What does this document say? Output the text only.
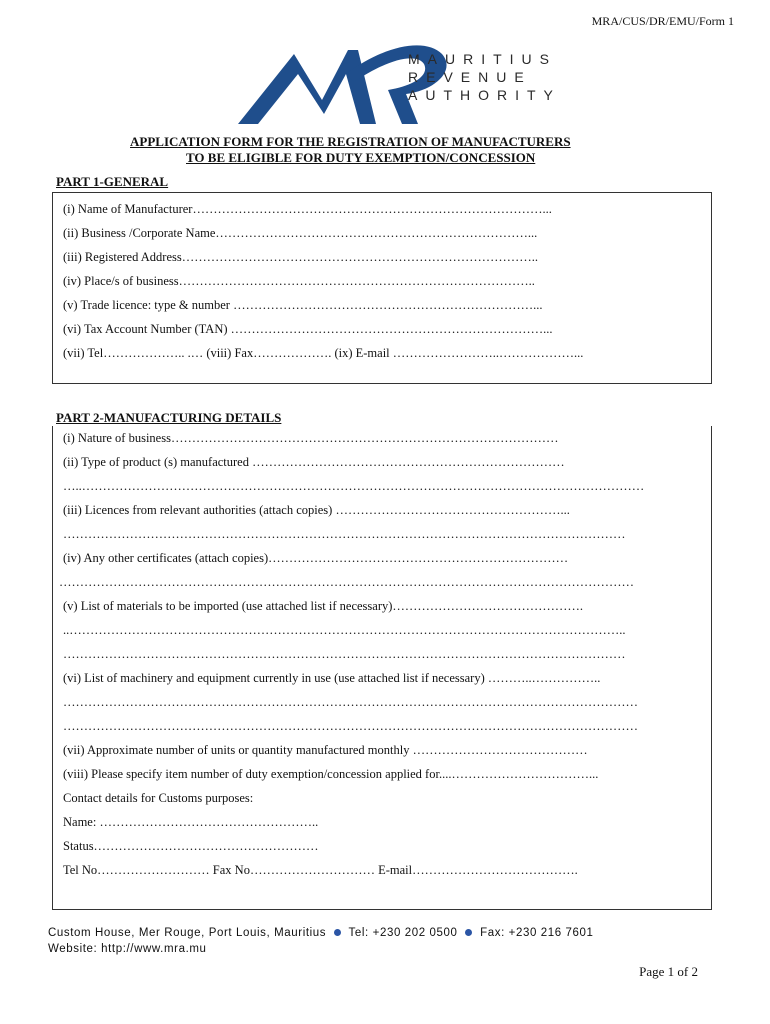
MRA/CUS/DR/EMU/Form 1
MAURITIUS
REVENUE
AUTHORITY
APPLICATION FORM FOR THE REGISTRATION OF MANUFACTURERS
TO BE ELIGIBLE FOR DUTY EXEMPTION/CONCESSION
PART 1-GENERAL
(i) Name of Manufacturer…………………………………………………………………………...
(ii) Business /Corporate Name…………………………………………………………………...
(iii) Registered Address…………………………………………………………………………..
(iv) Place/s of business…………………………………………………………………………..
(v) Trade licence: type & number ………………………………………………………………...
(vi) Tax Account Number (TAN) …………………………………………………………………...
(vii) Tel……………….. .… (viii) Fax………………. (ix) E-mail ……………………..………………...
PART 2-MANUFACTURING DETAILS
(i) Nature of business…………………………………………………………………………………
(ii) Type of product (s) manufactured …………………………………………………………………
…..………………………………………………………………………………………………………………………
(iii) Licences from relevant authorities (attach copies) ………………………………………………...
………………………………………………………………………………………………………………………
(iv) Any other certificates (attach copies)………………………………………………………………
…………………………………………………………………………………………………………………………
(v) List of materials to be imported (use attached list if necessary)……………………………………….
..……………………………………………………………………………………………………………………..
………………………………………………………………………………………………………………………
(vi) List of machinery and equipment currently in use (use attached list if necessary) ………..……………..
…………………………………………………………………………………………………………………………
…………………………………………………………………………………………………………………………
(vii) Approximate number of units or quantity manufactured monthly ……………………………………
(viii) Please specify item number of duty exemption/concession applied for....……………………………...
Contact details for Customs purposes:
Name: ……………………………………………..
Status………………………………………………
Tel No……………………… Fax No………………………… E-mail………………………………….
Custom House, Mer Rouge, Port Louis, Mauritius Tel: +230 202 0500 Fax: +230 216 7601
Website: http://www.mra.mu
Page 1 of 2
